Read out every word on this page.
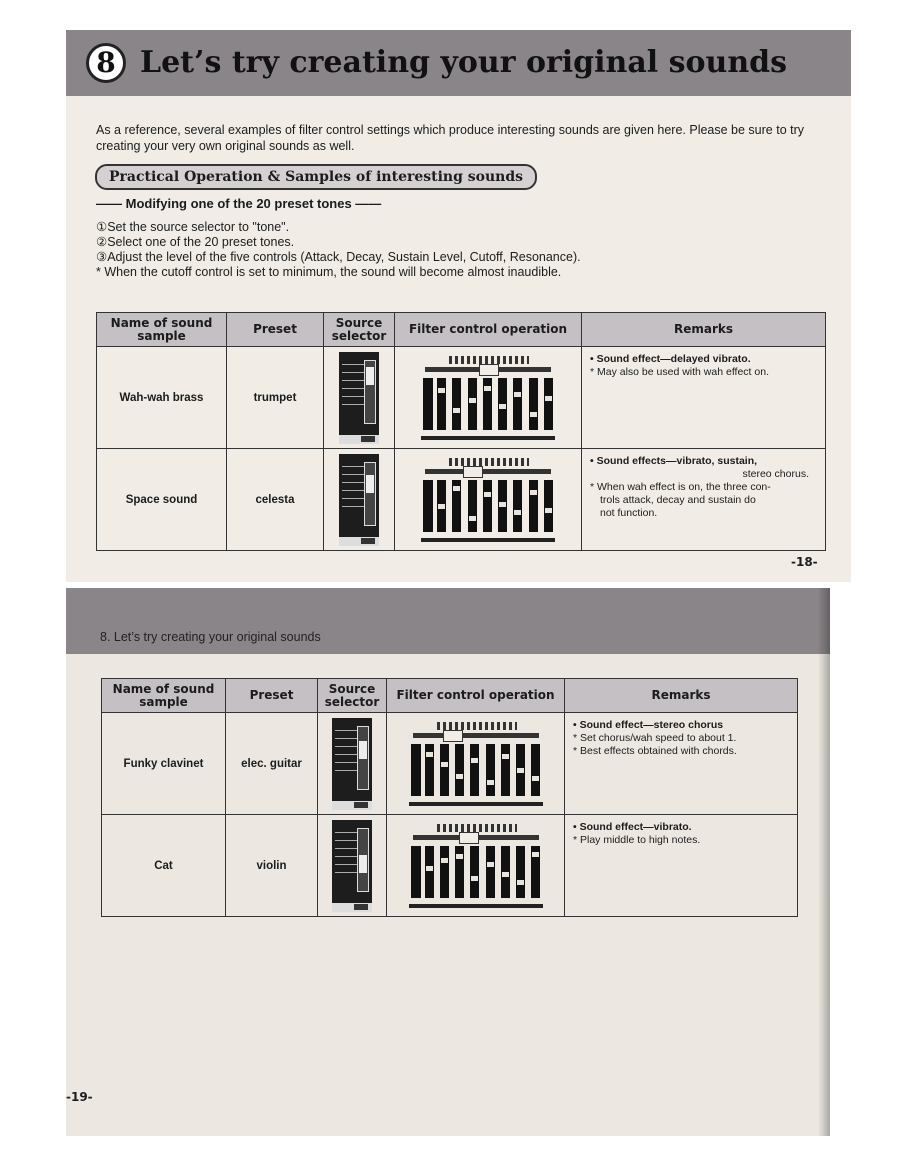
8 Let’s try creating your original sounds
As a reference, several examples of filter control settings which produce interesting sounds are given here. Please be sure to try creating your very own original sounds as well.
Practical Operation & Samples of interesting sounds
—— Modifying one of the 20 preset tones ——
①Set the source selector to "tone".
②Select one of the 20 preset tones.
③Adjust the level of the five controls (Attack, Decay, Sustain Level, Cutoff, Resonance).
* When the cutoff control is set to minimum, the sound will become almost inaudible.
Name of sound sample	Preset	Source selector	Filter control operation	Remarks
Wah-wah brass	trumpet			• Sound effect—delayed vibrato.
* May also be used with wah effect on.

Space sound	celesta			• Sound effects—vibrato, sustain,
stereo chorus.
* When wah effect is on, the three con-
trols attack, decay and sustain do
not function.
-18-
8. Let’s try creating your original sounds
Name of sound sample	Preset	Source selector	Filter control operation	Remarks
Funky clavinet	elec. guitar			• Sound effect—stereo chorus
* Set chorus/wah speed to about 1.
* Best effects obtained with chords.

Cat	violin			• Sound effect—vibrato.
* Play middle to high notes.
-19-
